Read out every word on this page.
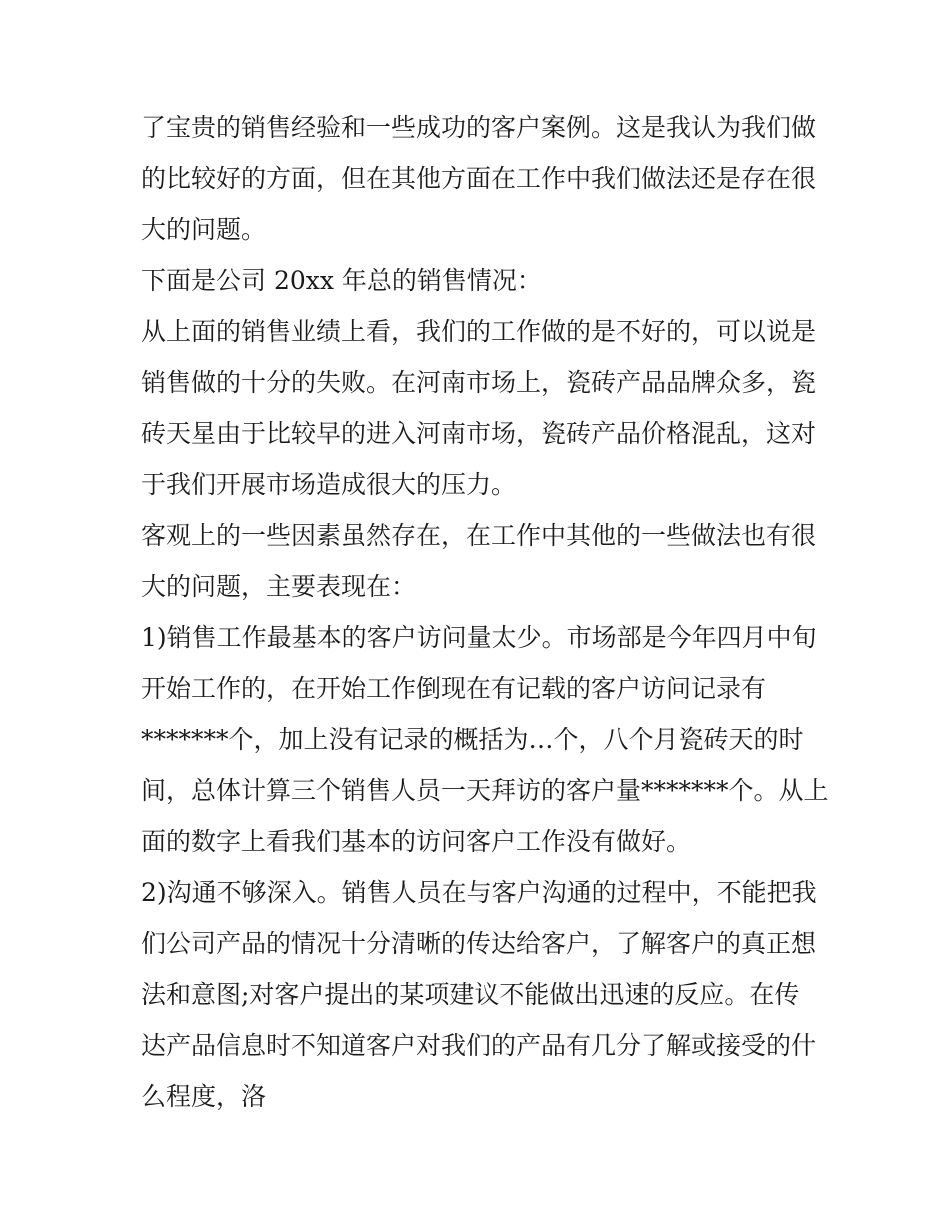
了宝贵的销售经验和一些成功的客户案例。这是我认为我们做

的比较好的方面，但在其他方面在工作中我们做法还是存在很

大的问题。

下面是公司 20xx 年总的销售情况：

从上面的销售业绩上看，我们的工作做的是不好的，可以说是

销售做的十分的失败。在河南市场上，瓷砖产品品牌众多，瓷

砖天星由于比较早的进入河南市场，瓷砖产品价格混乱，这对

于我们开展市场造成很大的压力。

客观上的一些因素虽然存在，在工作中其他的一些做法也有很

大的问题，主要表现在：

1)销售工作最基本的客户访问量太少。市场部是今年四月中旬

开始工作的，在开始工作倒现在有记载的客户访问记录有

*******个，加上没有记录的概括为…个，八个月瓷砖天的时

间，总体计算三个销售人员一天拜访的客户量*******个。从上

面的数字上看我们基本的访问客户工作没有做好。

2)沟通不够深入。销售人员在与客户沟通的过程中，不能把我

们公司产品的情况十分清晰的传达给客户，了解客户的真正想

法和意图;对客户提出的某项建议不能做出迅速的反应。在传

达产品信息时不知道客户对我们的产品有几分了解或接受的什

么程度，洛
